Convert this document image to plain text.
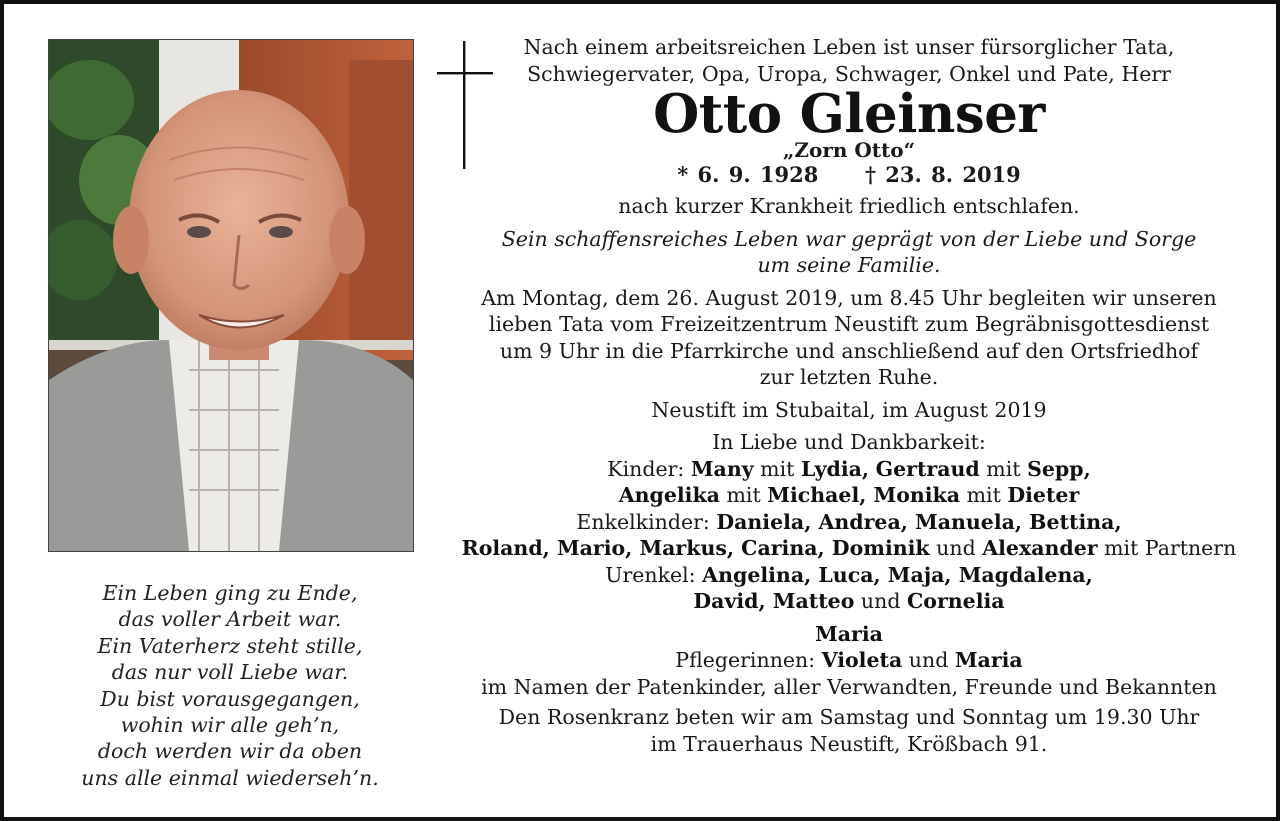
Ein Leben ging zu Ende,
das voller Arbeit war.
Ein Vaterherz steht stille,
das nur voll Liebe war.
Du bist vorausgegangen,
wohin wir alle geh’n,
doch werden wir da oben
uns alle einmal wiederseh’n.
Nach einem arbeitsreichen Leben ist unser fürsorglicher Tata,
Schwiegervater, Opa, Uropa, Schwager, Onkel und Pate, Herr
Otto Gleinser
„Zorn Otto“
* 6. 9. 1928 † 23. 8. 2019
nach kurzer Krankheit friedlich entschlafen.
Sein schaffensreiches Leben war geprägt von der Liebe und Sorge
um seine Familie.
Am Montag, dem 26. August 2019, um 8.45 Uhr begleiten wir unseren
lieben Tata vom Freizeitzentrum Neustift zum Begräbnisgottesdienst
um 9 Uhr in die Pfarrkirche und anschließend auf den Ortsfriedhof
zur letzten Ruhe.
Neustift im Stubaital, im August 2019
In Liebe und Dankbarkeit:
Kinder: Many mit Lydia, Gertraud mit Sepp,
Angelika mit Michael, Monika mit Dieter
Enkelkinder: Daniela, Andrea, Manuela, Bettina,
Roland, Mario, Markus, Carina, Dominik und Alexander mit Partnern
Urenkel: Angelina, Luca, Maja, Magdalena,
David, Matteo und Cornelia
Maria
Pflegerinnen: Violeta und Maria
im Namen der Patenkinder, aller Verwandten, Freunde und Bekannten
Den Rosenkranz beten wir am Samstag und Sonntag um 19.30 Uhr
im Trauerhaus Neustift, Krößbach 91.
